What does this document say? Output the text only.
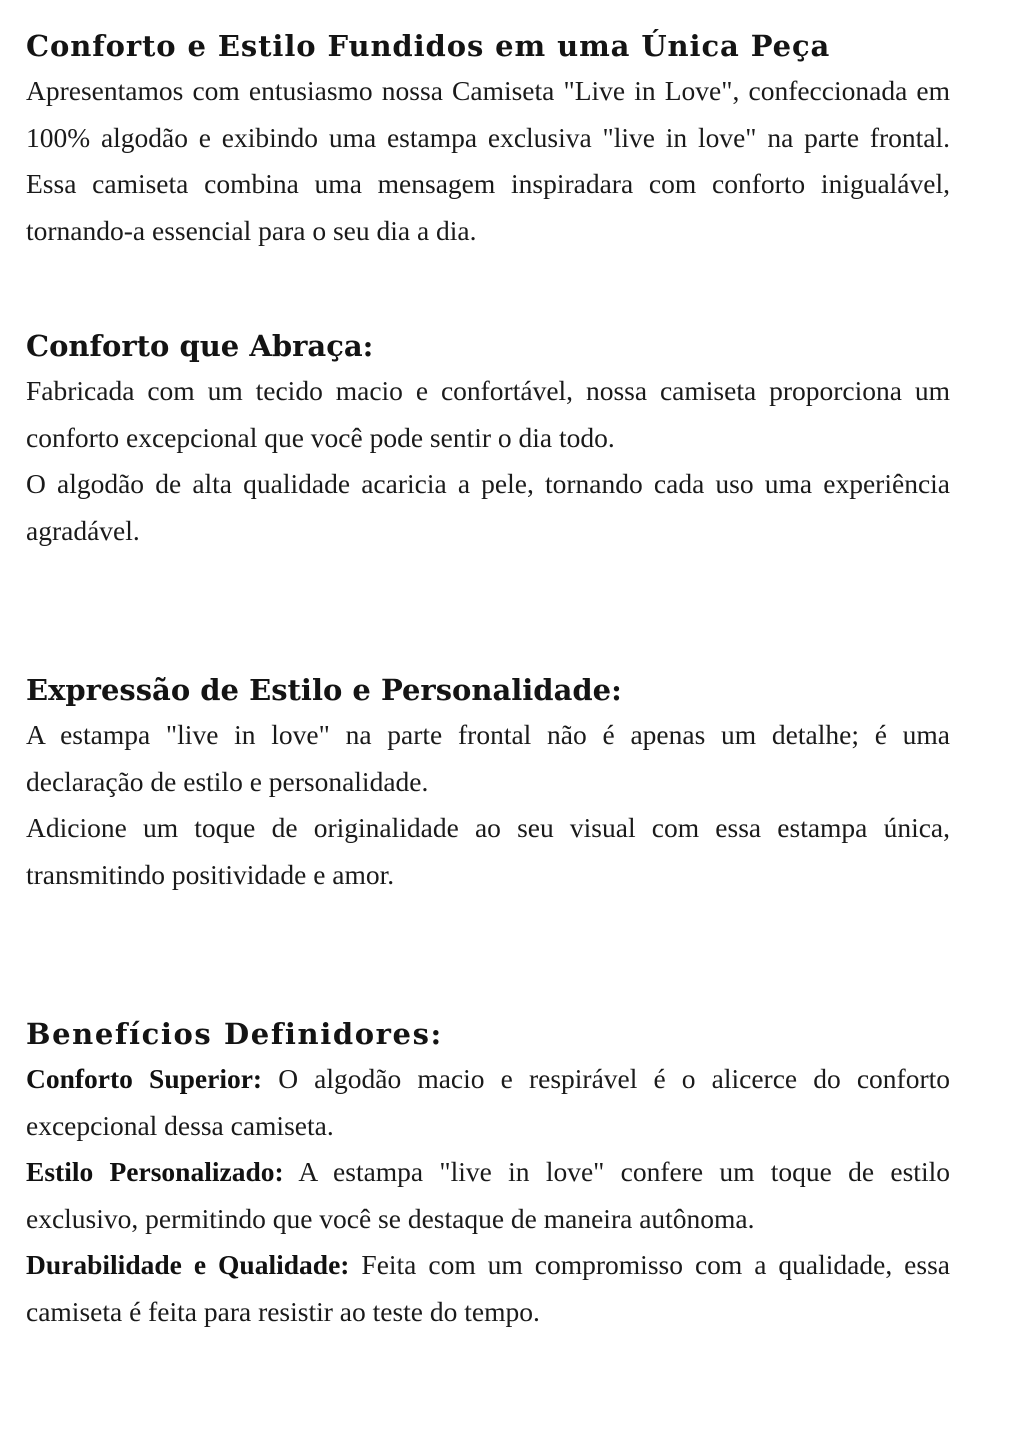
Conforto e Estilo Fundidos em uma Única Peça

Apresentamos com entusiasmo nossa Camiseta "Live in Love", confeccionada em 100% algodão e exibindo uma estampa exclusiva "live in love" na parte frontal. Essa camiseta combina uma mensagem inspiradara com conforto inigualável, tornando-a essencial para o seu dia a dia.

Conforto que Abraça:

Fabricada com um tecido macio e confortável, nossa camiseta proporciona um conforto excepcional que você pode sentir o dia todo.

O algodão de alta qualidade acaricia a pele, tornando cada uso uma experiência agradável.

Expressão de Estilo e Personalidade:

A estampa "live in love" na parte frontal não é apenas um detalhe; é uma declaração de estilo e personalidade.

Adicione um toque de originalidade ao seu visual com essa estampa única, transmitindo positividade e amor.

Benefícios Definidores:

Conforto Superior: O algodão macio e respirável é o alicerce do conforto excepcional dessa camiseta.

Estilo Personalizado: A estampa "live in love" confere um toque de estilo exclusivo, permitindo que você se destaque de maneira autônoma.

Durabilidade e Qualidade: Feita com um compromisso com a qualidade, essa camiseta é feita para resistir ao teste do tempo.
